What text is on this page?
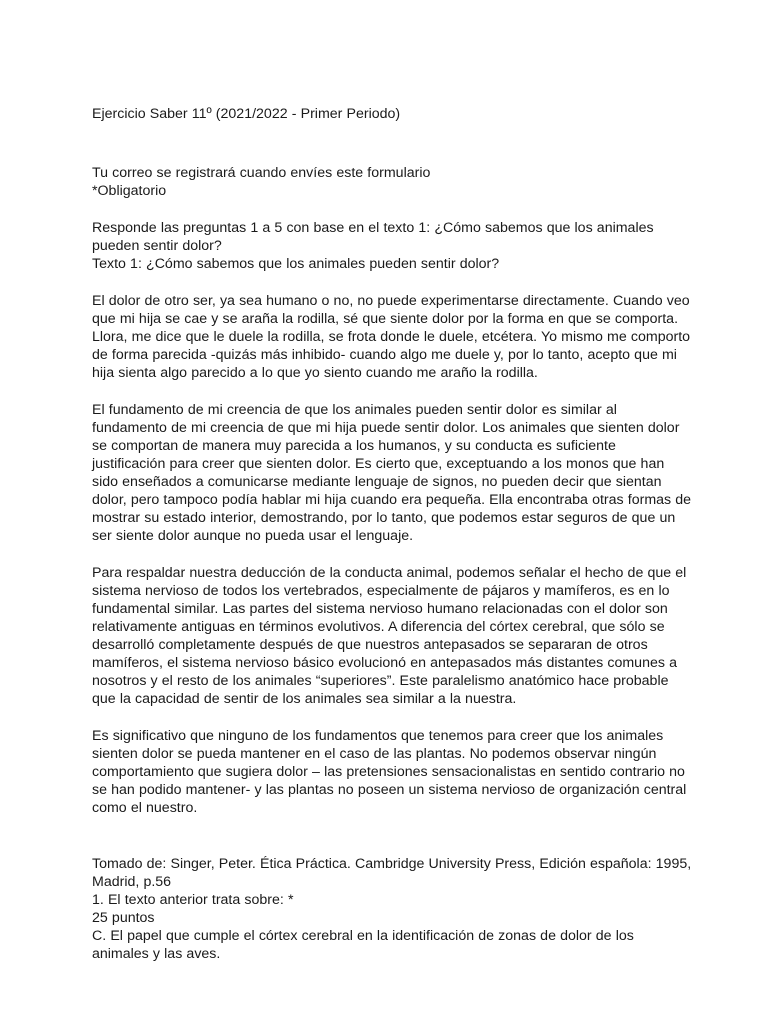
Ejercicio Saber 11º (2021/2022 - Primer Periodo)

Tu correo se registrará cuando envíes este formulario

*Obligatorio

Responde las preguntas 1 a 5 con base en el texto 1: ¿Cómo sabemos que los animales pueden sentir dolor?

Texto 1: ¿Cómo sabemos que los animales pueden sentir dolor?

El dolor de otro ser, ya sea humano o no, no puede experimentarse directamente. Cuando veo que mi hija se cae y se araña la rodilla, sé que siente dolor por la forma en que se comporta. Llora, me dice que le duele la rodilla, se frota donde le duele, etcétera. Yo mismo me comporto de forma parecida -quizás más inhibido- cuando algo me duele y, por lo tanto, acepto que mi hija sienta algo parecido a lo que yo siento cuando me araño la rodilla.

El fundamento de mi creencia de que los animales pueden sentir dolor es similar al fundamento de mi creencia de que mi hija puede sentir dolor. Los animales que sienten dolor se comportan de manera muy parecida a los humanos, y su conducta es suficiente justificación para creer que sienten dolor. Es cierto que, exceptuando a los monos que han sido enseñados a comunicarse mediante lenguaje de signos, no pueden decir que sientan dolor, pero tampoco podía hablar mi hija cuando era pequeña. Ella encontraba otras formas de mostrar su estado interior, demostrando, por lo tanto, que podemos estar seguros de que un ser siente dolor aunque no pueda usar el lenguaje.

Para respaldar nuestra deducción de la conducta animal, podemos señalar el hecho de que el sistema nervioso de todos los vertebrados, especialmente de pájaros y mamíferos, es en lo fundamental similar. Las partes del sistema nervioso humano relacionadas con el dolor son relativamente antiguas en términos evolutivos. A diferencia del córtex cerebral, que sólo se desarrolló completamente después de que nuestros antepasados se separaran de otros mamíferos, el sistema nervioso básico evolucionó en antepasados más distantes comunes a nosotros y el resto de los animales “superiores”. Este paralelismo anatómico hace probable que la capacidad de sentir de los animales sea similar a la nuestra.

Es significativo que ninguno de los fundamentos que tenemos para creer que los animales sienten dolor se pueda mantener en el caso de las plantas. No podemos observar ningún comportamiento que sugiera dolor – las pretensiones sensacionalistas en sentido contrario no se han podido mantener- y las plantas no poseen un sistema nervioso de organización central como el nuestro.

Tomado de: Singer, Peter. Ética Práctica. Cambridge University Press, Edición española: 1995, Madrid, p.56

1. El texto anterior trata sobre: *

25 puntos

C. El papel que cumple el córtex cerebral en la identificación de zonas de dolor de los animales y las aves.
